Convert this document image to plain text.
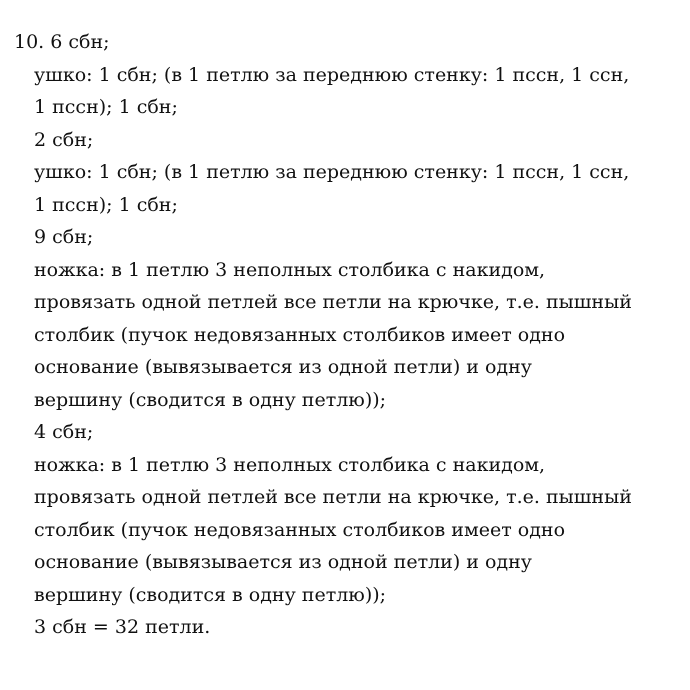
10. 6 сбн;
ушко: 1 сбн; (в 1 петлю за переднюю стенку: 1 пссн, 1 ссн,
1 пссн); 1 сбн;
2 сбн;
ушко: 1 сбн; (в 1 петлю за переднюю стенку: 1 пссн, 1 ссн,
1 пссн); 1 сбн;
9 сбн;
ножка: в 1 петлю 3 неполных столбика с накидом,
провязать одной петлей все петли на крючке, т.е. пышный
столбик (пучок недовязанных столбиков имеет одно
основание (вывязывается из одной петли) и одну
вершину (сводится в одну петлю));
4 сбн;
ножка: в 1 петлю 3 неполных столбика с накидом,
провязать одной петлей все петли на крючке, т.е. пышный
столбик (пучок недовязанных столбиков имеет одно
основание (вывязывается из одной петли) и одну
вершину (сводится в одну петлю));
3 сбн = 32 петли.
